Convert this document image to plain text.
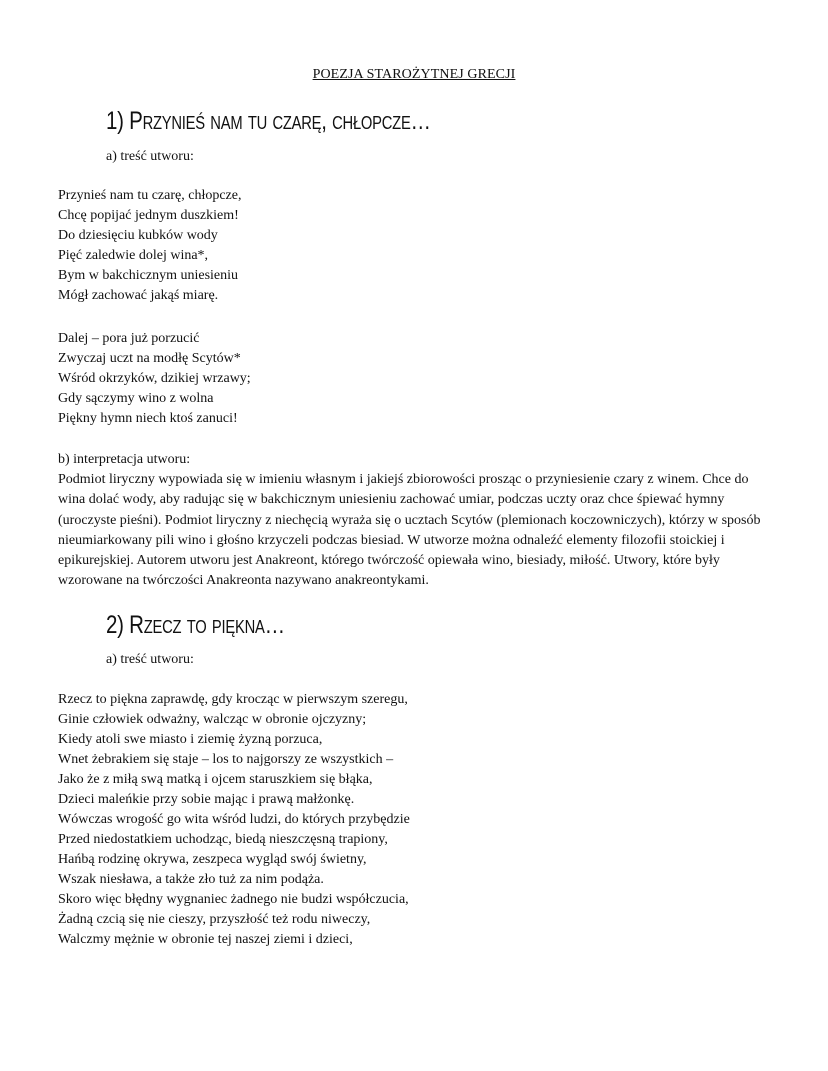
POEZJA STAROŻYTNEJ GRECJI
1) Przynieś nam tu czarę, chłopcze…
a) treść utworu:
Przynieś nam tu czarę, chłopcze,
Chcę popijać jednym duszkiem!
Do dziesięciu kubków wody
Pięć zaledwie dolej wina*,
Bym w bakchicznym uniesieniu
Mógł zachować jakąś miarę.
Dalej – pora już porzucić
Zwyczaj uczt na modłę Scytów*
Wśród okrzyków, dzikiej wrzawy;
Gdy sączymy wino z wolna
Piękny hymn niech ktoś zanuci!
b) interpretacja utworu:
Podmiot liryczny wypowiada się w imieniu własnym i jakiejś zbiorowości prosząc o przyniesienie czary z winem. Chce do wina dolać wody, aby radując się w bakchicznym uniesieniu zachować umiar, podczas uczty oraz chce śpiewać hymny (uroczyste pieśni). Podmiot liryczny z niechęcią wyraża się o ucztach Scytów (plemionach koczowniczych), którzy w sposób nieumiarkowany pili wino i głośno krzyczeli podczas biesiad. W utworze można odnaleźć elementy filozofii stoickiej i epikurejskiej. Autorem utworu jest Anakreont, którego twórczość opiewała wino, biesiady, miłość. Utwory, które były wzorowane na twórczości Anakreonta nazywano anakreontykami.
2) Rzecz to piękna…
a) treść utworu:
Rzecz to piękna zaprawdę, gdy krocząc w pierwszym szeregu,
Ginie człowiek odważny, walcząc w obronie ojczyzny;
Kiedy atoli swe miasto i ziemię żyzną porzuca,
Wnet żebrakiem się staje – los to najgorszy ze wszystkich –
Jako że z miłą swą matką i ojcem staruszkiem się błąka,
Dzieci maleńkie przy sobie mając i prawą małżonkę.
Wówczas wrogość go wita wśród ludzi, do których przybędzie
Przed niedostatkiem uchodząc, biedą nieszczęsną trapiony,
Hańbą rodzinę okrywa, zeszpeca wygląd swój świetny,
Wszak niesława, a także zło tuż za nim podąża.
Skoro więc błędny wygnaniec żadnego nie budzi współczucia,
Żadną czcią się nie cieszy, przyszłość też rodu niweczy,
Walczmy mężnie w obronie tej naszej ziemi i dzieci,
